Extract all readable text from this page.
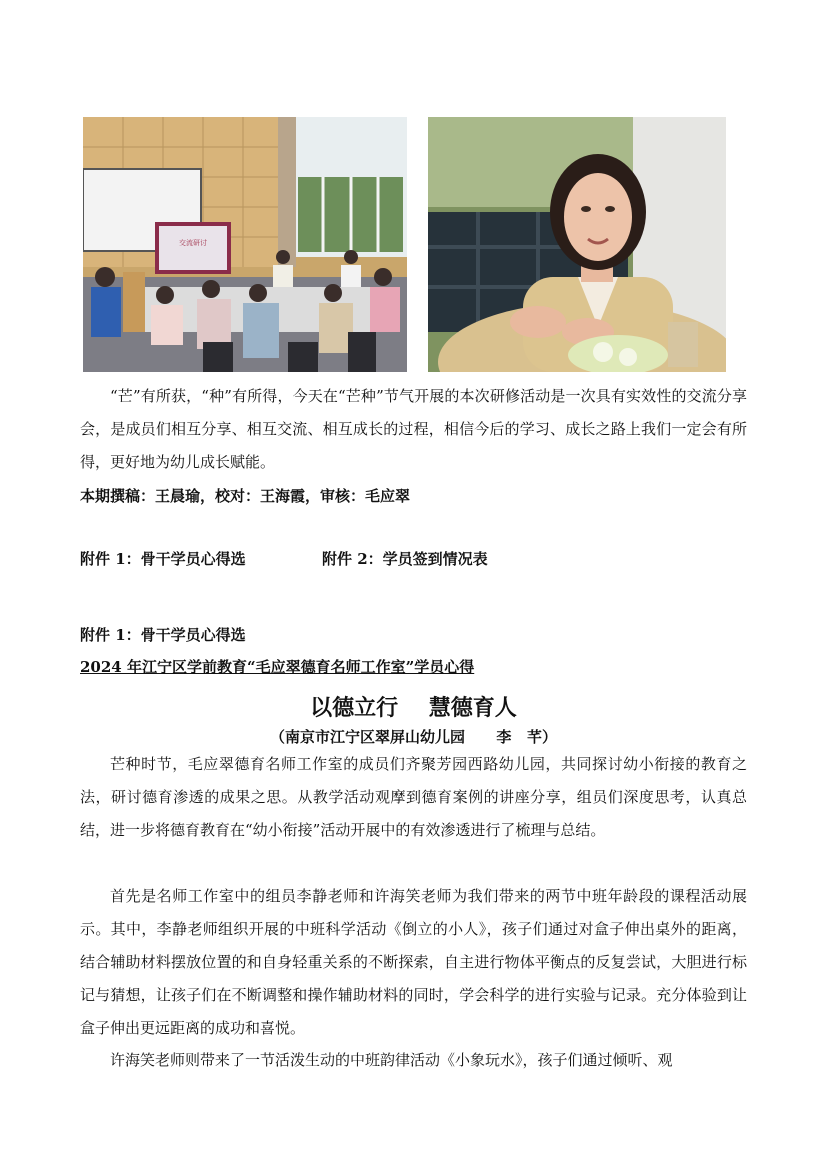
交流研讨

“芒”有所获，“种”有所得，今天在“芒种”节气开展的本次研修活动是一次具有实效性的交流分享会，是成员们相互分享、相互交流、相互成长的过程，相信今后的学习、成长之路上我们一定会有所得，更好地为幼儿成长赋能。

本期撰稿：王晨瑜，校对：王海霞，审核：毛应翠

附件 1：骨干学员心得选	附件 2：学员签到情况表

附件 1：骨干学员心得选

2024 年江宁区学前教育“毛应翠德育名师工作室”学员心得

以德立行    慧德育人

（南京市江宁区翠屏山幼儿园      李   芊）

芒种时节，毛应翠德育名师工作室的成员们齐聚芳园西路幼儿园，共同探讨幼小衔接的教育之法，研讨德育渗透的成果之思。从教学活动观摩到德育案例的讲座分享，组员们深度思考，认真总结，进一步将德育教育在“幼小衔接”活动开展中的有效渗透进行了梳理与总结。

首先是名师工作室中的组员李静老师和许海笑老师为我们带来的两节中班年龄段的课程活动展示。其中，李静老师组织开展的中班科学活动《倒立的小人》，孩子们通过对盒子伸出桌外的距离，结合辅助材料摆放位置的和自身轻重关系的不断探索，自主进行物体平衡点的反复尝试，大胆进行标记与猜想，让孩子们在不断调整和操作辅助材料的同时，学会科学的进行实验与记录。充分体验到让盒子伸出更远距离的成功和喜悦。

许海笑老师则带来了一节活泼生动的中班韵律活动《小象玩水》，孩子们通过倾听、观
